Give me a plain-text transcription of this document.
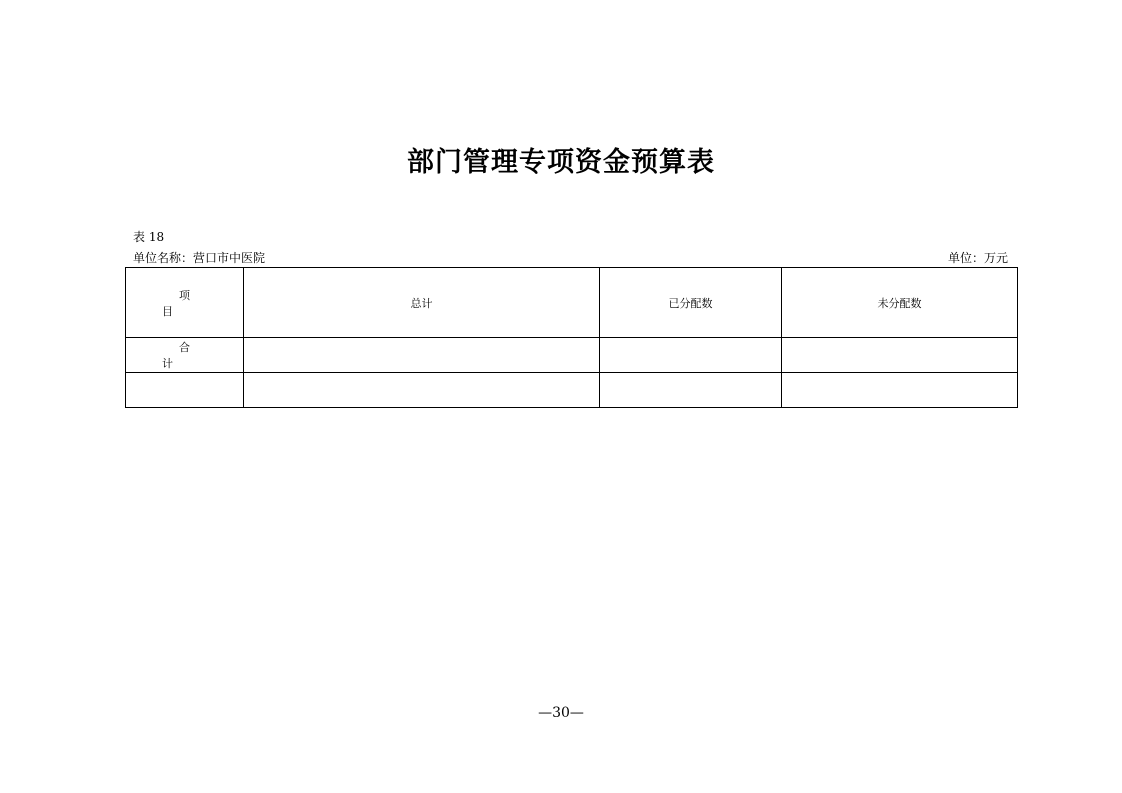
部门管理专项资金预算表
表 18
单位名称：营口市中医院	单位：万元
项目	总计	已分配数	未分配数
合计			

—30—
